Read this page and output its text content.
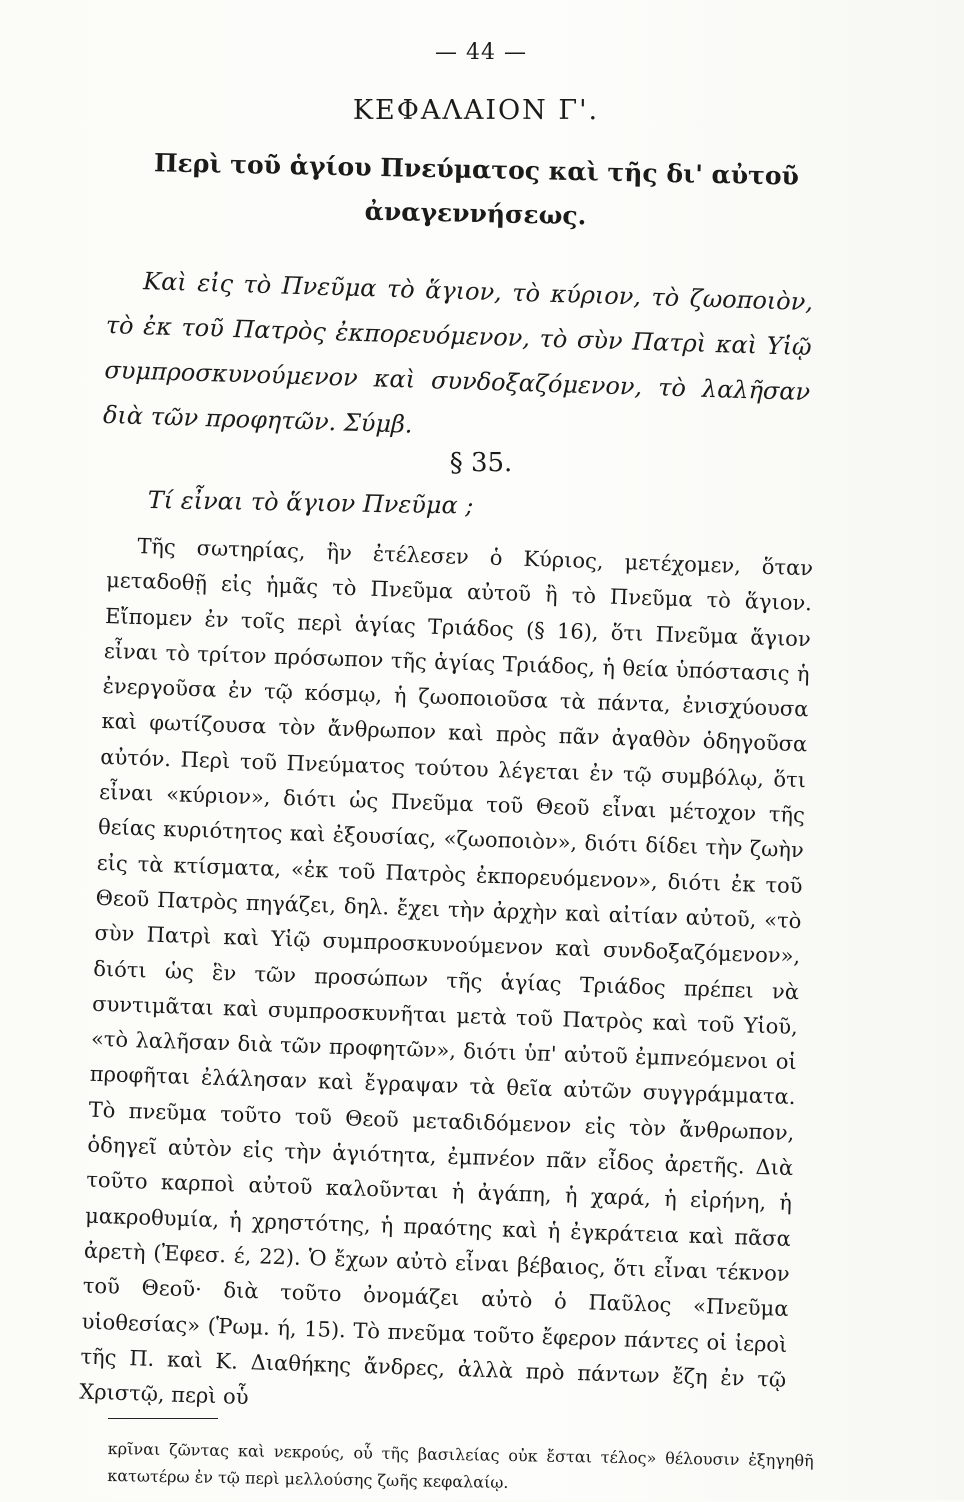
— 44 —
ΚΕΦΑΛΑΙΟΝ Γ'.
Περὶ τοῦ ἁγίου Πνεύματος καὶ τῆς δι' αὐτοῦ ἀναγεννήσεως.

Καὶ εἰς τὸ Πνεῦμα τὸ ἅγιον, τὸ κύριον, τὸ ζωοποιὸν, τὸ ἐκ τοῦ Πατρὸς ἐκπορευόμενον, τὸ σὺν Πατρὶ καὶ Υἱῷ συμπροσκυνούμενον καὶ συνδοξαζόμενον, τὸ λαλῆσαν διὰ τῶν προφητῶν. Σύμβ.

§ 35.
Τί εἶναι τὸ ἅγιον Πνεῦμα ;

Τῆς σωτηρίας, ἣν ἐτέλεσεν ὁ Κύριος, μετέχομεν, ὅταν μεταδοθῇ εἰς ἡμᾶς τὸ Πνεῦμα αὐτοῦ ἢ τὸ Πνεῦμα τὸ ἅγιον. Εἴπομεν ἐν τοῖς περὶ ἁγίας Τριάδος (§ 16), ὅτι Πνεῦμα ἅγιον εἶναι τὸ τρίτον πρόσωπον τῆς ἁγίας Τριάδος, ἡ θεία ὑπόστασις ἡ ἐνεργοῦσα ἐν τῷ κόσμῳ, ἡ ζωοποιοῦσα τὰ πάντα, ἐνισχύουσα καὶ φωτίζουσα τὸν ἄνθρωπον καὶ πρὸς πᾶν ἀγαθὸν ὁδηγοῦσα αὐτόν. Περὶ τοῦ Πνεύματος τούτου λέγεται ἐν τῷ συμβόλῳ, ὅτι εἶναι «κύριον», διότι ὡς Πνεῦμα τοῦ Θεοῦ εἶναι μέτοχον τῆς θείας κυριότητος καὶ ἐξουσίας, «ζωοποιὸν», διότι δίδει τὴν ζωὴν εἰς τὰ κτίσματα, «ἐκ τοῦ Πατρὸς ἐκπορευόμενον», διότι ἐκ τοῦ Θεοῦ Πατρὸς πηγάζει, δηλ. ἔχει τὴν ἀρχὴν καὶ αἰτίαν αὐτοῦ, «τὸ σὺν Πατρὶ καὶ Υἱῷ συμπροσκυνούμενον καὶ συνδοξαζόμενον», διότι ὡς ἓν τῶν προσώπων τῆς ἁγίας Τριάδος πρέπει νὰ συντιμᾶται καὶ συμπροσκυνῆται μετὰ τοῦ Πατρὸς καὶ τοῦ Υἱοῦ, «τὸ λαλῆσαν διὰ τῶν προφητῶν», διότι ὑπ' αὐτοῦ ἐμπνεόμενοι οἱ προφῆται ἐλάλησαν καὶ ἔγραψαν τὰ θεῖα αὐτῶν συγγράμματα. Τὸ πνεῦμα τοῦτο τοῦ Θεοῦ μεταδιδόμενον εἰς τὸν ἄνθρωπον, ὁδηγεῖ αὐτὸν εἰς τὴν ἁγιότητα, ἐμπνέον πᾶν εἶδος ἀρετῆς. Διὰ τοῦτο καρποὶ αὐτοῦ καλοῦνται ἡ ἀγάπη, ἡ χαρά, ἡ εἰρήνη, ἡ μακροθυμία, ἡ χρηστότης, ἡ πραότης καὶ ἡ ἐγκράτεια καὶ πᾶσα ἀρετὴ (Ἐφεσ. έ, 22). Ὁ ἔχων αὐτὸ εἶναι βέβαιος, ὅτι εἶναι τέκνον τοῦ Θεοῦ· διὰ τοῦτο ὀνομάζει αὐτὸ ὁ Παῦλος «Πνεῦμα υἱοθεσίας» (Ῥωμ. ή, 15). Τὸ πνεῦμα τοῦτο ἔφερον πάντες οἱ ἱεροὶ τῆς Π. καὶ Κ. Διαθήκης ἄνδρες, ἀλλὰ πρὸ πάντων ἔζη ἐν τῷ Χριστῷ, περὶ οὗ

κρῖναι ζῶντας καὶ νεκρούς, οὗ τῆς βασιλείας οὐκ ἔσται τέλος» θέλουσιν ἐξηγηθῆ κατωτέρω ἐν τῷ περὶ μελλούσης ζωῆς κεφαλαίῳ.
